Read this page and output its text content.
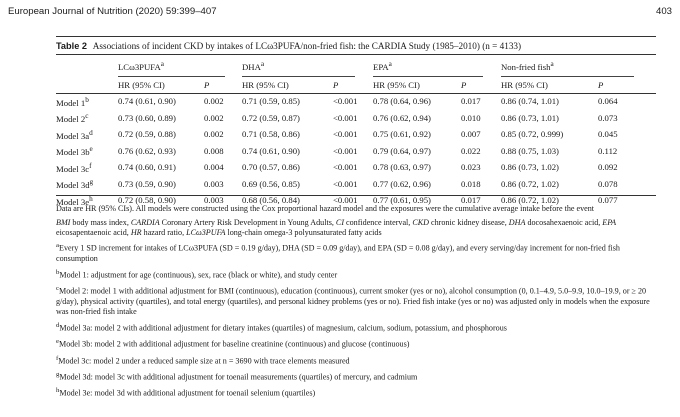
European Journal of Nutrition (2020) 59:399–407	403
Table 2 Associations of incident CKD by intakes of LCω3PUFA/non-fried fish: the CARDIA Study (1985–2010) (n = 4133)
	LCω3PUFA$^a$		DHA$^a$		EPA$^a$		Non-fried fish$^a$
	HR (95% CI)	P	HR (95% CI)	P	HR (95% CI)	P	HR (95% CI)	P
Model 1$^b$	0.74 (0.61, 0.90)	0.002	0.71 (0.59, 0.85)	<0.001	0.78 (0.64, 0.96)	0.017	0.86 (0.74, 1.01)	0.064
Model 2$^c$	0.73 (0.60, 0.89)	0.002	0.72 (0.59, 0.87)	<0.001	0.76 (0.62, 0.94)	0.010	0.86 (0.73, 1.01)	0.073
Model $3a^d$	0.72 (0.59, 0.88)	0.002	0.71 (0.58, 0.86)	<0.001	0.75 (0.61, 0.92)	0.007	0.85 (0.72, 0.999)	0.045
Model $3b^e$	0.76 (0.62, 0.93)	0.008	0.74 (0.61, 0.90)	<0.001	0.79 (0.64, 0.97)	0.022	0.88 (0.75, 1.03)	0.112
Model $3c^f$	0.74 (0.60, 0.91)	0.004	0.70 (0.57, 0.86)	<0.001	0.78 (0.63, 0.97)	0.023	0.86 (0.73, 1.02)	0.092
Model $3d^g$	0.73 (0.59, 0.90)	0.003	0.69 (0.56, 0.85)	<0.001	0.77 (0.62, 0.96)	0.018	0.86 (0.72, 1.02)	0.078
Model $3e^h$	0.72 (0.58, 0.90)	0.003	0.68 (0.56, 0.84)	<0.001	0.77 (0.61, 0.95)	0.017	0.86 (0.72, 1.02)	0.077

Data are HR (95% CIs). All models were constructed using the Cox proportional hazard model and the exposures were the cumulative average intake before the event

BMI body mass index, CARDIA Coronary Artery Risk Development in Young Adults, CI confidence interval, CKD chronic kidney disease, DHA docosahexaenoic acid, EPA eicosapentaenoic acid, HR hazard ratio, LCω3PUFA long-chain omega-3 polyunsaturated fatty acids

$^a$Every 1 SD increment for intakes of LCω3PUFA (SD = 0.19 g/day), DHA (SD = 0.09 g/day), and EPA (SD = 0.08 g/day), and every serving/day increment for non-fried fish consumption

$^b$Model 1: adjustment for age (continuous), sex, race (black or white), and study center

$^c$Model 2: model 1 with additional adjustment for BMI (continuous), education (continuous), current smoker (yes or no), alcohol consumption (0, 0.1–4.9, 5.0–9.9, 10.0–19.9, or ≥ 20 g/day), physical activity (quartiles), and total energy (quartiles), and personal kidney problems (yes or no). Fried fish intake (yes or no) was adjusted only in models when the exposure was non-fried fish intake

$^d$Model 3a: model 2 with additional adjustment for dietary intakes (quartiles) of magnesium, calcium, sodium, potassium, and phosphorous

$^e$Model 3b: model 2 with additional adjustment for baseline creatinine (continuous) and glucose (continuous)

$^f$Model 3c: model 2 under a reduced sample size at n = 3690 with trace elements measured

$^g$Model 3d: model 3c with additional adjustment for toenail measurements (quartiles) of mercury, and cadmium

$^h$Model 3e: model 3d with additional adjustment for toenail selenium (quartiles)
